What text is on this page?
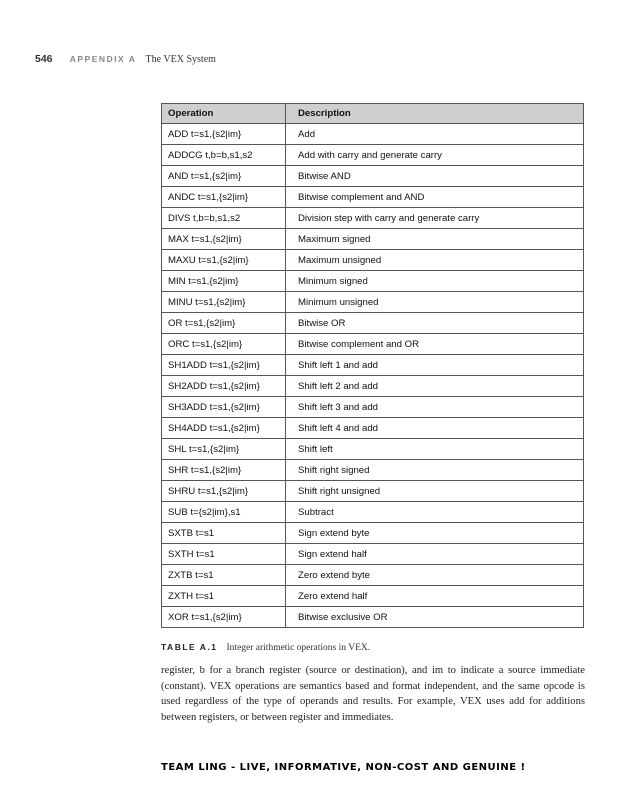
546 APPENDIX A The VEX System
Operation	Description
ADD t=s1,{s2|im}	Add
ADDCG t,b=b,s1,s2	Add with carry and generate carry
AND t=s1,{s2|im}	Bitwise AND
ANDC t=s1,{s2|im}	Bitwise complement and AND
DIVS t,b=b,s1,s2	Division step with carry and generate carry
MAX t=s1,{s2|im}	Maximum signed
MAXU t=s1,{s2|im}	Maximum unsigned
MIN t=s1,{s2|im}	Minimum signed
MINU t=s1,{s2|im}	Minimum unsigned
OR t=s1,{s2|im}	Bitwise OR
ORC t=s1,{s2|im}	Bitwise complement and OR
SH1ADD t=s1,{s2|im}	Shift left 1 and add
SH2ADD t=s1,{s2|im}	Shift left 2 and add
SH3ADD t=s1,{s2|im}	Shift left 3 and add
SH4ADD t=s1,{s2|im}	Shift left 4 and add
SHL t=s1,{s2|im}	Shift left
SHR t=s1,{s2|im}	Shift right signed
SHRU t=s1,{s2|im}	Shift right unsigned
SUB t={s2|im},s1	Subtract
SXTB t=s1	Sign extend byte
SXTH t=s1	Sign extend half
ZXTB t=s1	Zero extend byte
ZXTH t=s1	Zero extend half
XOR t=s1,{s2|im}	Bitwise exclusive OR
TABLE A.1 Integer arithmetic operations in VEX.

register, b for a branch register (source or destination), and im to indicate a source immediate (constant). VEX operations are semantics based and format independent, and the same opcode is used regardless of the type of operands and results. For example, VEX uses add for additions between registers, or between register and immediates.

TEAM LING - LIVE, INFORMATIVE, NON-COST AND GENUINE !
